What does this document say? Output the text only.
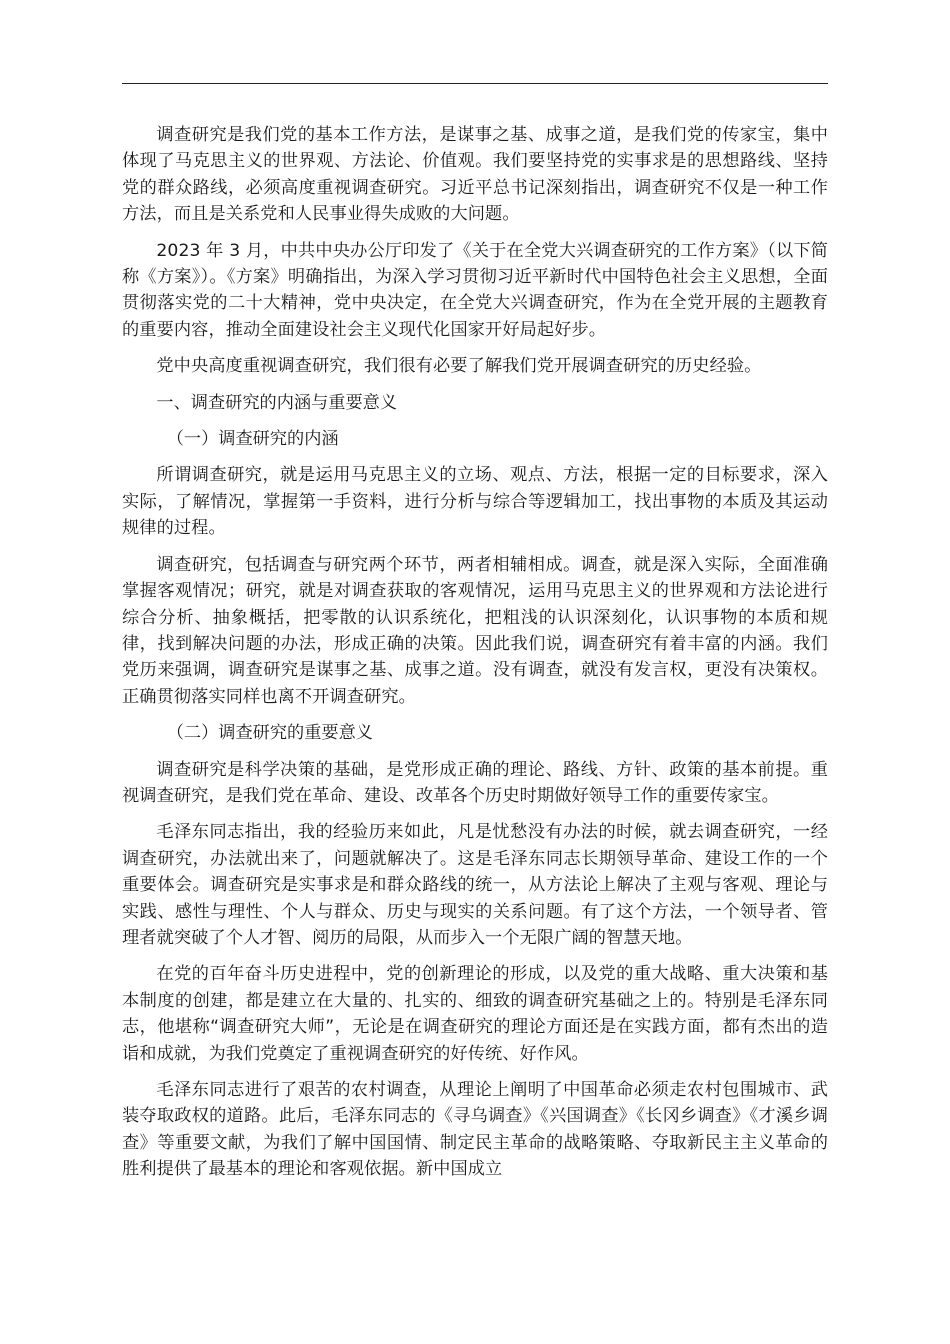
调查研究是我们党的基本工作方法，是谋事之基、成事之道，是我们党的传家宝，集中体现了马克思主义的世界观、方法论、价值观。我们要坚持党的实事求是的思想路线、坚持党的群众路线，必须高度重视调查研究。习近平总书记深刻指出，调查研究不仅是一种工作方法，而且是关系党和人民事业得失成败的大问题。

2023 年 3 月，中共中央办公厅印发了《关于在全党大兴调查研究的工作方案》（以下简称《方案》）。《方案》明确指出，为深入学习贯彻习近平新时代中国特色社会主义思想，全面贯彻落实党的二十大精神，党中央决定，在全党大兴调查研究，作为在全党开展的主题教育的重要内容，推动全面建设社会主义现代化国家开好局起好步。

党中央高度重视调查研究，我们很有必要了解我们党开展调查研究的历史经验。

一、调查研究的内涵与重要意义

（一）调查研究的内涵

所谓调查研究，就是运用马克思主义的立场、观点、方法，根据一定的目标要求，深入实际，了解情况，掌握第一手资料，进行分析与综合等逻辑加工，找出事物的本质及其运动规律的过程。

调查研究，包括调查与研究两个环节，两者相辅相成。调查，就是深入实际，全面准确掌握客观情况；研究，就是对调查获取的客观情况，运用马克思主义的世界观和方法论进行综合分析、抽象概括，把零散的认识系统化，把粗浅的认识深刻化，认识事物的本质和规律，找到解决问题的办法，形成正确的决策。因此我们说，调查研究有着丰富的内涵。我们党历来强调，调查研究是谋事之基、成事之道。没有调查，就没有发言权，更没有决策权。正确贯彻落实同样也离不开调查研究。

（二）调查研究的重要意义

调查研究是科学决策的基础，是党形成正确的理论、路线、方针、政策的基本前提。重视调查研究，是我们党在革命、建设、改革各个历史时期做好领导工作的重要传家宝。

毛泽东同志指出，我的经验历来如此，凡是忧愁没有办法的时候，就去调查研究，一经调查研究，办法就出来了，问题就解决了。这是毛泽东同志长期领导革命、建设工作的一个重要体会。调查研究是实事求是和群众路线的统一，从方法论上解决了主观与客观、理论与实践、感性与理性、个人与群众、历史与现实的关系问题。有了这个方法，一个领导者、管理者就突破了个人才智、阅历的局限，从而步入一个无限广阔的智慧天地。

在党的百年奋斗历史进程中，党的创新理论的形成，以及党的重大战略、重大决策和基本制度的创建，都是建立在大量的、扎实的、细致的调查研究基础之上的。特别是毛泽东同志，他堪称“调查研究大师”，无论是在调查研究的理论方面还是在实践方面，都有杰出的造诣和成就，为我们党奠定了重视调查研究的好传统、好作风。

毛泽东同志进行了艰苦的农村调查，从理论上阐明了中国革命必须走农村包围城市、武装夺取政权的道路。此后，毛泽东同志的《寻乌调查》《兴国调查》《长冈乡调查》《才溪乡调查》等重要文献，为我们了解中国国情、制定民主革命的战略策略、夺取新民主主义革命的胜利提供了最基本的理论和客观依据。新中国成立
